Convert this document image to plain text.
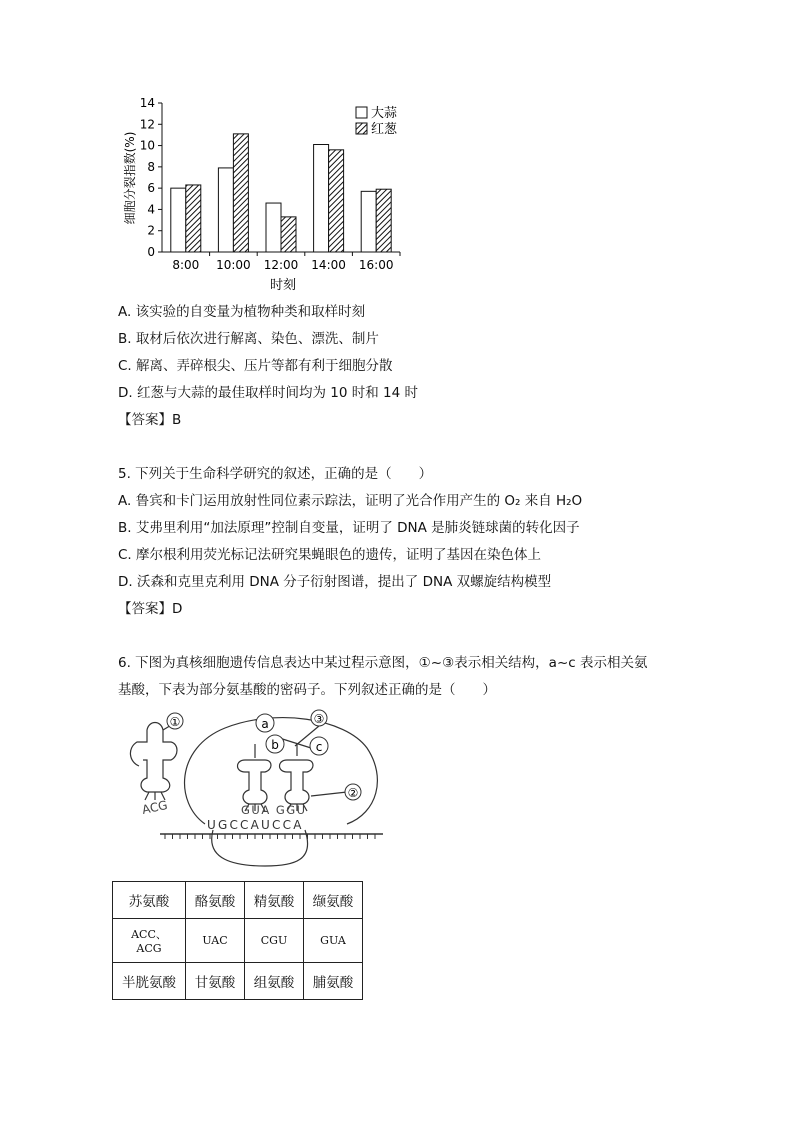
0
2
4
6
8
10
12
14
8:00 10:00 12:00 14:00 16:00
大蒜
红葱
时刻
细胞分裂指数(%)
A. 该实验的自变量为植物种类和取样时刻
B. 取材后依次进行解离、染色、漂洗、制片
C. 解离、弄碎根尖、压片等都有利于细胞分散
D. 红葱与大蒜的最佳取样时间均为 10 时和 14 时
【答案】B
5. 下列关于生命科学研究的叙述，正确的是（　　）
A. 鲁宾和卡门运用放射性同位素示踪法，证明了光合作用产生的 O₂ 来自 H₂O
B. 艾弗里利用“加法原理”控制自变量，证明了 DNA 是肺炎链球菌的转化因子
C. 摩尔根利用荧光标记法研究果蝇眼色的遗传，证明了基因在染色体上
D. 沃森和克里克利用 DNA 分子衍射图谱，提出了 DNA 双螺旋结构模型
【答案】D
6. 下图为真核细胞遗传信息表达中某过程示意图，①~③表示相关结构，a~c 表示相关氨
基酸，下表为部分氨基酸的密码子。下列叙述正确的是（　　）
①
ACG
a
b	c
③
②
GUA GGU
UGCCAUCCA
苏氨酸	酪氨酸	精氨酸	缬氨酸
ACC、ACG	UAC	CGU	GUA
半胱氨酸	甘氨酸	组氨酸	脯氨酸
